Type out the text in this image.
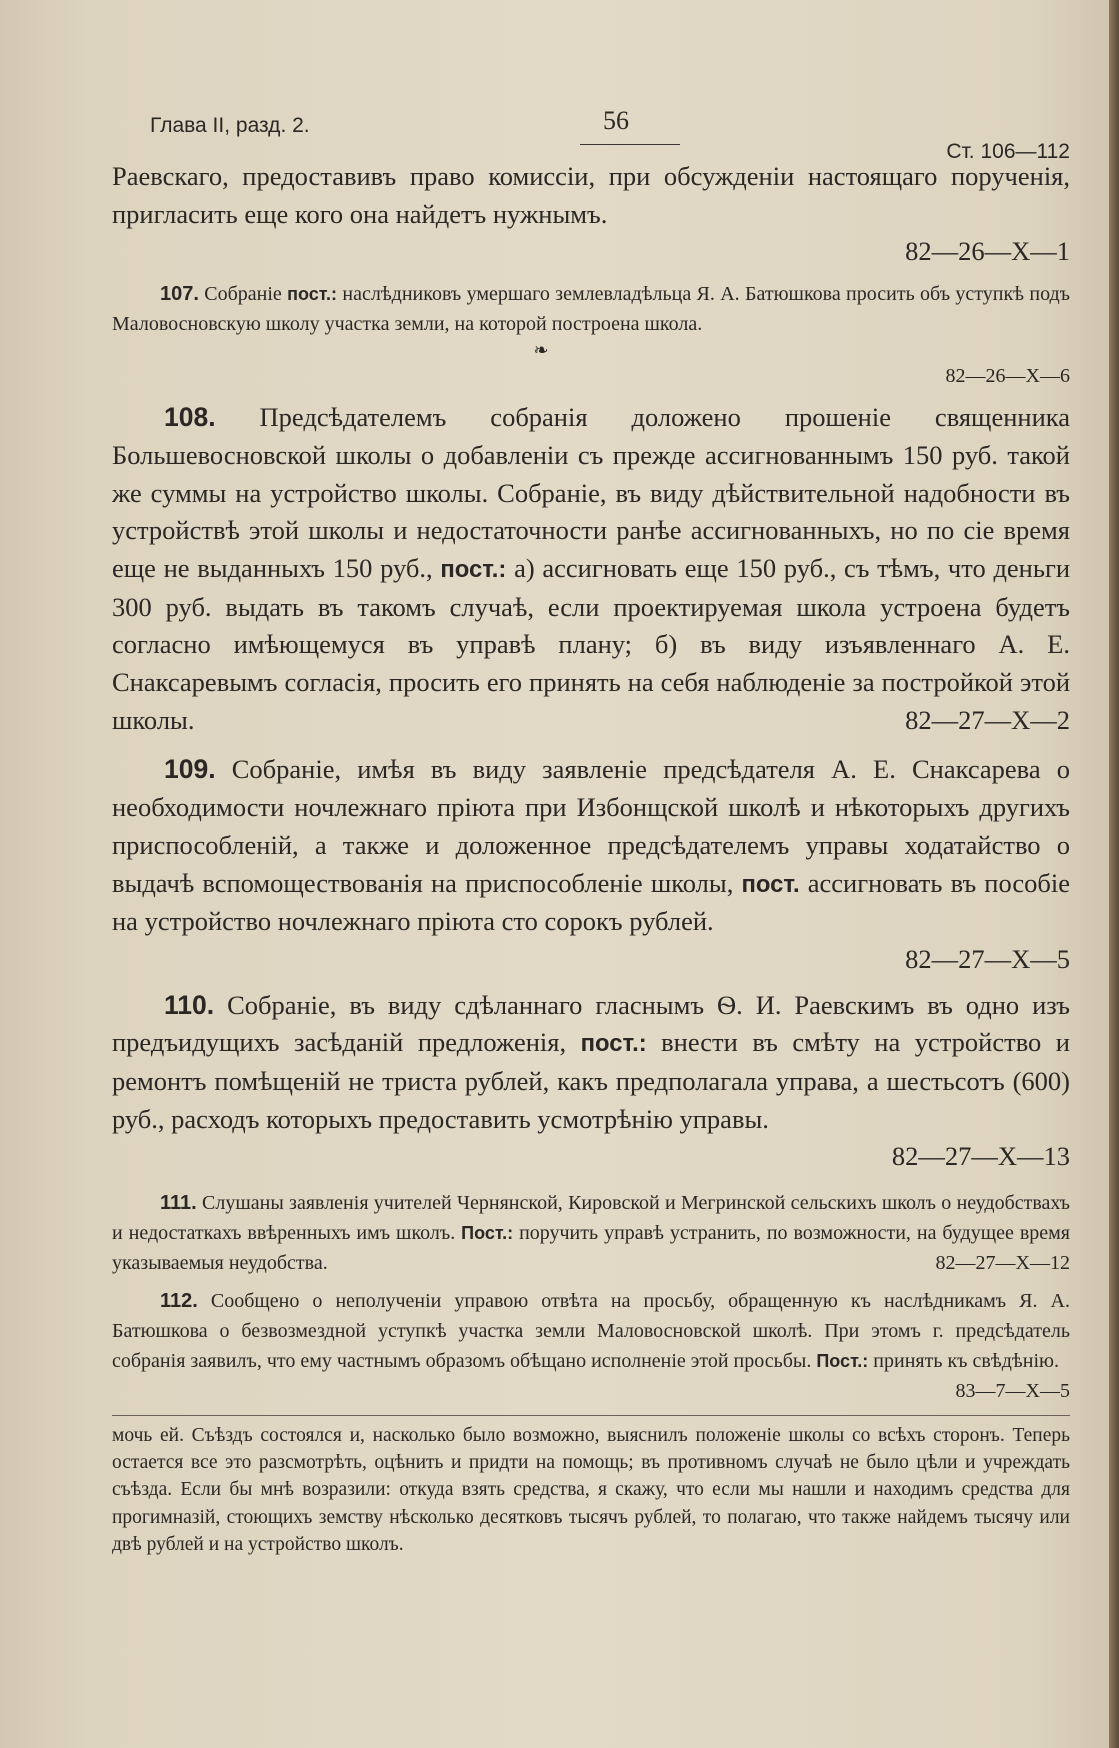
Глава II, разд. 2.	56
Ст. 106—112

Раевскаго, предоставивъ право комиссіи, при обсужденіи настоящаго порученія, пригласить еще кого она найдетъ нужнымъ.
82—26—X—1

107. Собраніе пост.: наслѣдниковъ умершаго землевладѣльца Я. А. Батюшкова просить объ уступкѣ подъ Маловосновскую школу участка земли, на которой построена школа.

❧

82—26—X—6

108. Предсѣдателемъ собранія доложено прошеніе священника Большевосновской школы о добавленіи съ прежде ассигнованнымъ 150 руб. такой же суммы на устройство школы. Собраніе, въ виду дѣйствительной надобности въ устройствѣ этой школы и недостаточности ранѣе ассигнованныхъ, но по сіе время еще не выданныхъ 150 руб., пост.: а) ассигновать еще 150 руб., съ тѣмъ, что деньги 300 руб. выдать въ такомъ случаѣ, если проектируемая школа устроена будетъ согласно имѣющемуся въ управѣ плану; б) въ виду изъявленнаго А. Е. Снаксаревымъ согласія, просить его принять на себя наблюденіе за постройкой этой школы.	82—27—X—2

109. Собраніе, имѣя въ виду заявленіе предсѣдателя А. Е. Снаксарева о необходимости ночлежнаго пріюта при Избонщской школѣ и нѣкоторыхъ другихъ приспособленій, а также и доложенное предсѣдателемъ управы ходатайство о выдачѣ вспомоществованія на приспособленіе школы, пост. ассигновать въ пособіе на устройство ночлежнаго пріюта сто сорокъ рублей.
82—27—X—5

110. Собраніе, въ виду сдѣланнаго гласнымъ Ѳ. И. Раевскимъ въ одно изъ предъидущихъ засѣданій предложенія, пост.: внести въ смѣту на устройство и ремонтъ помѣщеній не триста рублей, какъ предполагала управа, а шестьсотъ (600) руб., расходъ которыхъ предоставить усмотрѣнію управы.
82—27—X—13

111. Слушаны заявленія учителей Чернянской, Кировской и Мегринской сельскихъ школъ о неудобствахъ и недостаткахъ ввѣренныхъ имъ школъ. Пост.: поручить управѣ устранить, по возможности, на будущее время указываемыя неудобства.	82—27—X—12

112. Сообщено о неполученіи управою отвѣта на просьбу, обращенную къ наслѣдникамъ Я. А. Батюшкова о безвозмездной уступкѣ участка земли Маловосновской школѣ. При этомъ г. предсѣдатель собранія заявилъ, что ему частнымъ образомъ обѣщано исполненіе этой просьбы. Пост.: принять къ свѣдѣнію.
83—7—X—5

мочь ей. Съѣздъ состоялся и, насколько было возможно, выяснилъ положеніе школы со всѣхъ сторонъ. Теперь остается все это разсмотрѣть, оцѣнить и придти на помощь; въ противномъ случаѣ не было цѣли и учреждать съѣзда. Если бы мнѣ возразили: откуда взять средства, я скажу, что если мы нашли и находимъ средства для прогимназій, стоющихъ земству нѣсколько десятковъ тысячъ рублей, то полагаю, что также найдемъ тысячу или двѣ рублей и на устройство школъ.
